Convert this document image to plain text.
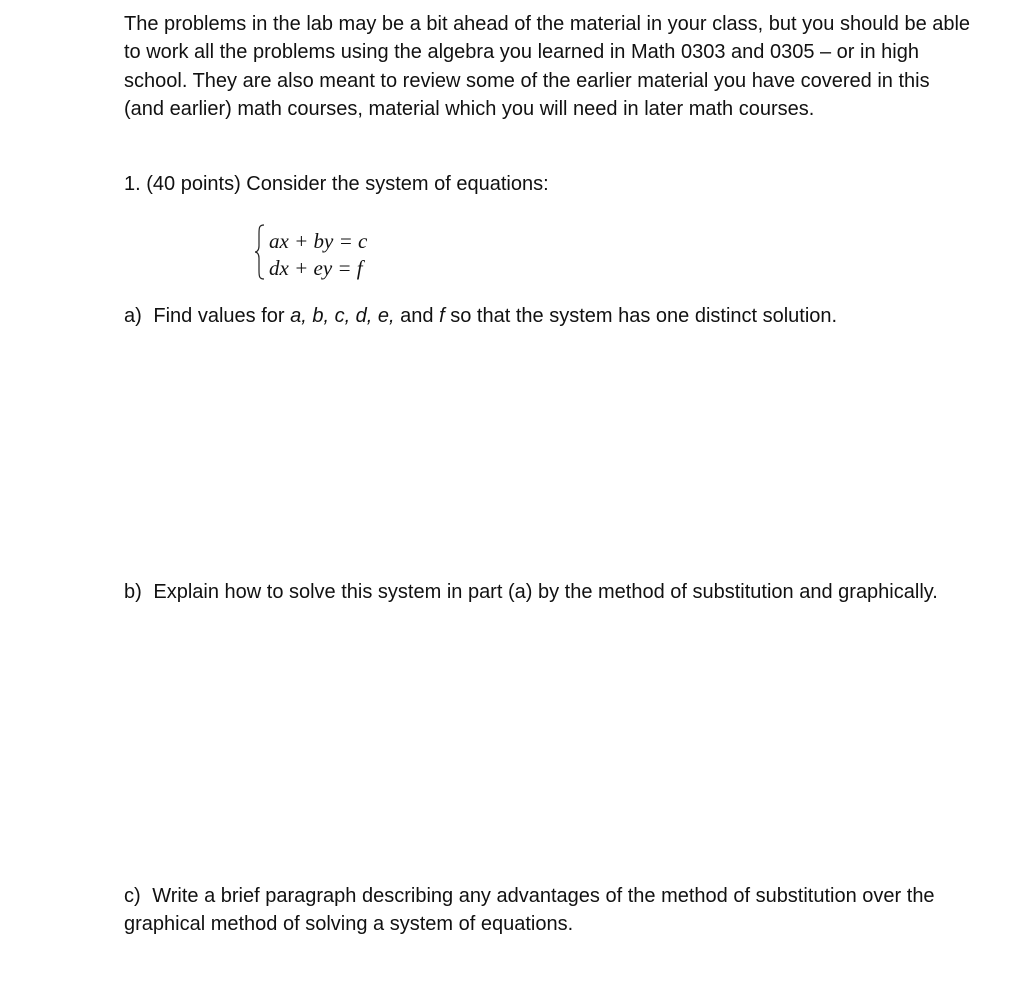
The problems in the lab may be a bit ahead of the material in your class, but you should be able to work all the problems using the algebra you learned in Math 0303 and 0305 – or in high school. They are also meant to review some of the earlier material you have covered in this (and earlier) math courses, material which you will need in later math courses.

1. (40 points) Consider the system of equations:

ax + by = c
dx + ey = f

a) Find values for a, b, c, d, e, and f so that the system has one distinct solution.

b) Explain how to solve this system in part (a) by the method of substitution and graphically.

c) Write a brief paragraph describing any advantages of the method of substitution over the graphical method of solving a system of equations.
